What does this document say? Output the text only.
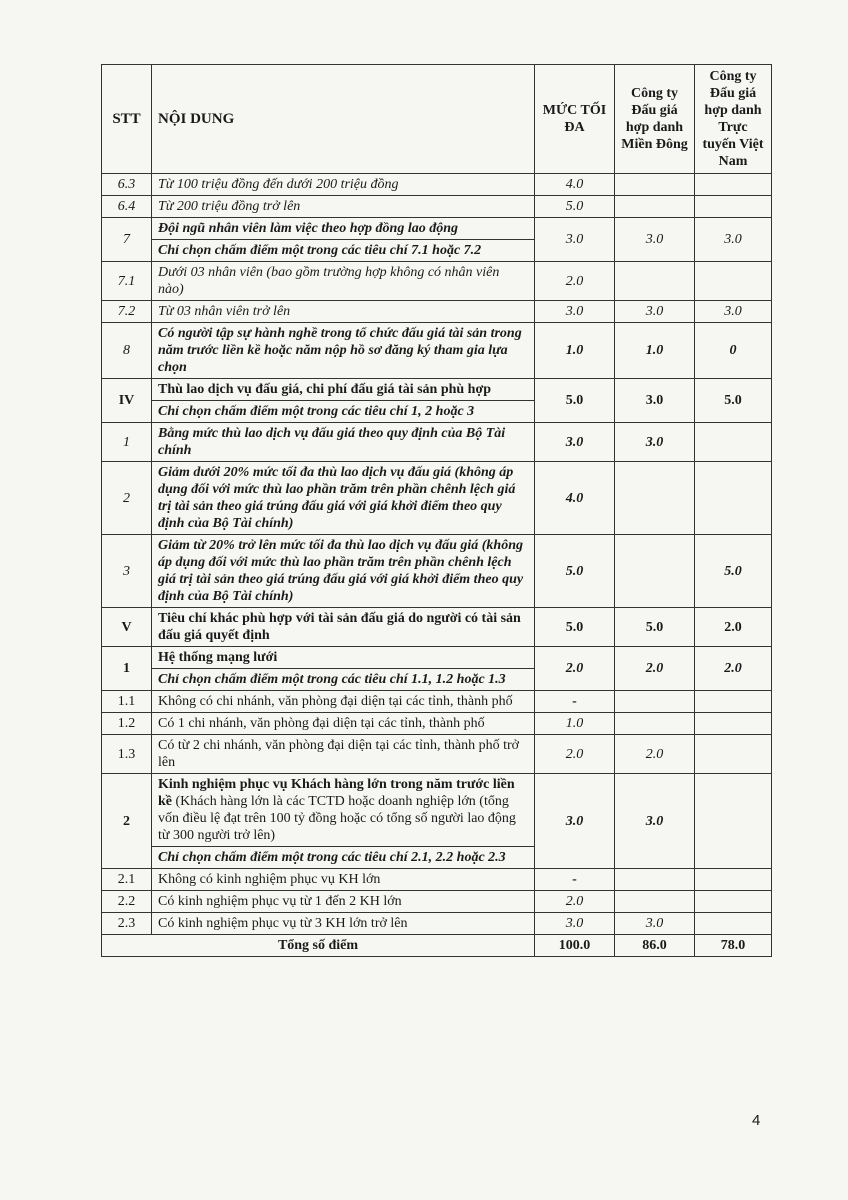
STT	NỘI DUNG	MỨC TỐI ĐA	Công ty Đấu giá hợp danh Miền Đông	Công ty Đấu giá hợp danh Trực tuyến Việt Nam
6.3	Từ 100 triệu đồng đến dưới 200 triệu đồng	4.0		
6.4	Từ 200 triệu đồng trở lên	5.0		
7	Đội ngũ nhân viên làm việc theo hợp đồng lao động	3.0	3.0	3.0
	Chỉ chọn chấm điểm một trong các tiêu chí 7.1 hoặc 7.2			
7.1	Dưới 03 nhân viên (bao gồm trường hợp không có nhân viên nào)	2.0		
7.2	Từ 03 nhân viên trở lên	3.0	3.0	3.0
8	Có người tập sự hành nghề trong tổ chức đấu giá tài sản trong năm trước liền kề hoặc năm nộp hồ sơ đăng ký tham gia lựa chọn	1.0	1.0	0
IV	Thù lao dịch vụ đấu giá, chi phí đấu giá tài sản phù hợp	5.0	3.0	5.0
	Chỉ chọn chấm điểm một trong các tiêu chí 1, 2 hoặc 3			
1	Bằng mức thù lao dịch vụ đấu giá theo quy định của Bộ Tài chính	3.0	3.0	
2	Giảm dưới 20% mức tối đa thù lao dịch vụ đấu giá (không áp dụng đối với mức thù lao phần trăm trên phần chênh lệch giá trị tài sản theo giá trúng đấu giá với giá khởi điểm theo quy định của Bộ Tài chính)	4.0		
3	Giảm từ 20% trở lên mức tối đa thù lao dịch vụ đấu giá (không áp dụng đối với mức thù lao phần trăm trên phần chênh lệch giá trị tài sản theo giá trúng đấu giá với giá khởi điểm theo quy định của Bộ Tài chính)	5.0		5.0
V	Tiêu chí khác phù hợp với tài sản đấu giá do người có tài sản đấu giá quyết định	5.0	5.0	2.0
1	Hệ thống mạng lưới	2.0	2.0	2.0
	Chỉ chọn chấm điểm một trong các tiêu chí 1.1, 1.2 hoặc 1.3			
1.1	Không có chi nhánh, văn phòng đại diện tại các tỉnh, thành phố	-		
1.2	Có 1 chi nhánh, văn phòng đại diện tại các tỉnh, thành phố	1.0		
1.3	Có từ 2 chi nhánh, văn phòng đại diện tại các tỉnh, thành phố trở lên	2.0	2.0	
2	Kinh nghiệm phục vụ Khách hàng lớn trong năm trước liền kề (Khách hàng lớn là các TCTD hoặc doanh nghiệp lớn (tổng vốn điều lệ đạt trên 100 tỷ đồng hoặc có tổng số người lao động từ 300 người trở lên)	3.0	3.0	
	Chỉ chọn chấm điểm một trong các tiêu chí 2.1, 2.2 hoặc 2.3			
2.1	Không có kinh nghiệm phục vụ KH lớn	-		
2.2	Có kinh nghiệm phục vụ từ 1 đến 2 KH lớn	2.0		
2.3	Có kinh nghiệm phục vụ từ 3 KH lớn trở lên	3.0	3.0	
Tổng số điểm		100.0	86.0	78.0
4
